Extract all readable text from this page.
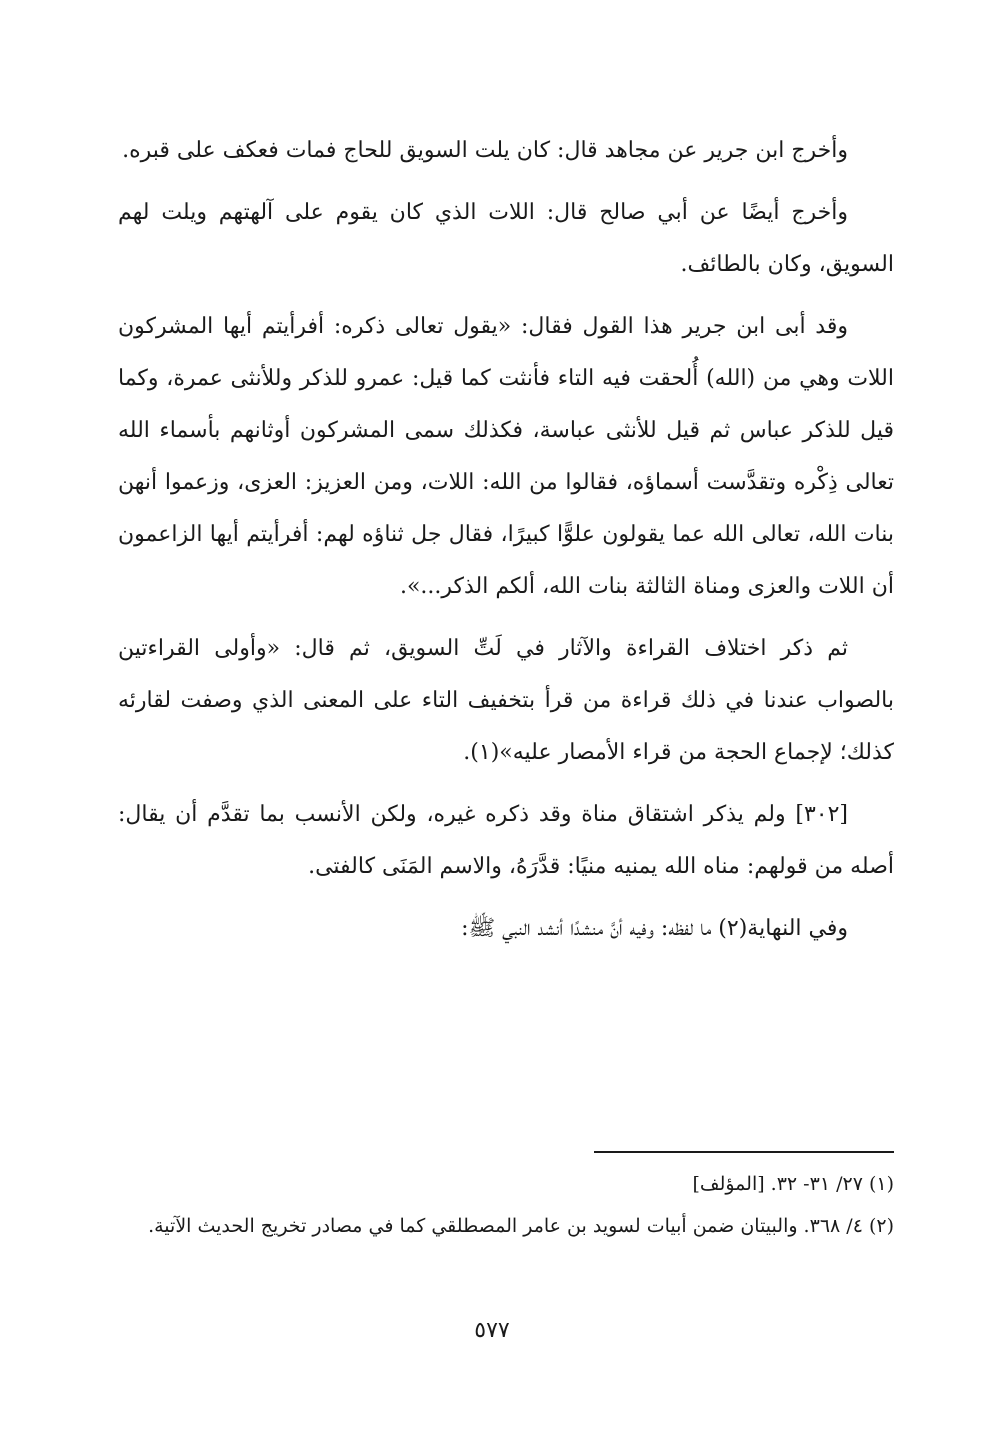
وأخرج ابن جرير عن مجاهد قال: كان يلت السويق للحاج فمات فعكف على قبره.

وأخرج أيضًا عن أبي صالح قال: اللات الذي كان يقوم على آلهتهم ويلت لهم السويق، وكان بالطائف.

وقد أبى ابن جرير هذا القول فقال: «يقول تعالى ذكره: أفرأيتم أيها المشركون اللات وهي من (الله) أُلحقت فيه التاء فأنثت كما قيل: عمرو للذكر وللأنثى عمرة، وكما قيل للذكر عباس ثم قيل للأنثى عباسة، فكذلك سمى المشركون أوثانهم بأسماء الله تعالى ذِكْره وتقدَّست أسماؤه، فقالوا من الله: اللات، ومن العزيز: العزى، وزعموا أنهن بنات الله، تعالى الله عما يقولون علوًّا كبيرًا، فقال جل ثناؤه لهم: أفرأيتم أيها الزاعمون أن اللات والعزى ومناة الثالثة بنات الله، ألكم الذكر...».

ثم ذكر اختلاف القراءة والآثار في لَتِّ السويق، ثم قال: «وأولى القراءتين بالصواب عندنا في ذلك قراءة من قرأ بتخفيف التاء على المعنى الذي وصفت لقارئه كذلك؛ لإجماع الحجة من قراء الأمصار عليه»(١).

[٣٠٢] ولم يذكر اشتقاق مناة وقد ذكره غيره، ولكن الأنسب بما تقدَّم أن يقال: أصله من قولهم: مناه الله يمنيه منيًا: قدَّرَهُ، والاسم المَنَى كالفتى.

وفي النهاية(٢) ما لفظه: وفيه أنَّ منشدًا أنشد النبي ﷺ:

(١) ٢٧/ ٣١- ٣٢. [المؤلف]

(٢) ٤/ ٣٦٨. والبيتان ضمن أبيات لسويد بن عامر المصطلقي كما في مصادر تخريج الحديث الآتية.

٥٧٧
